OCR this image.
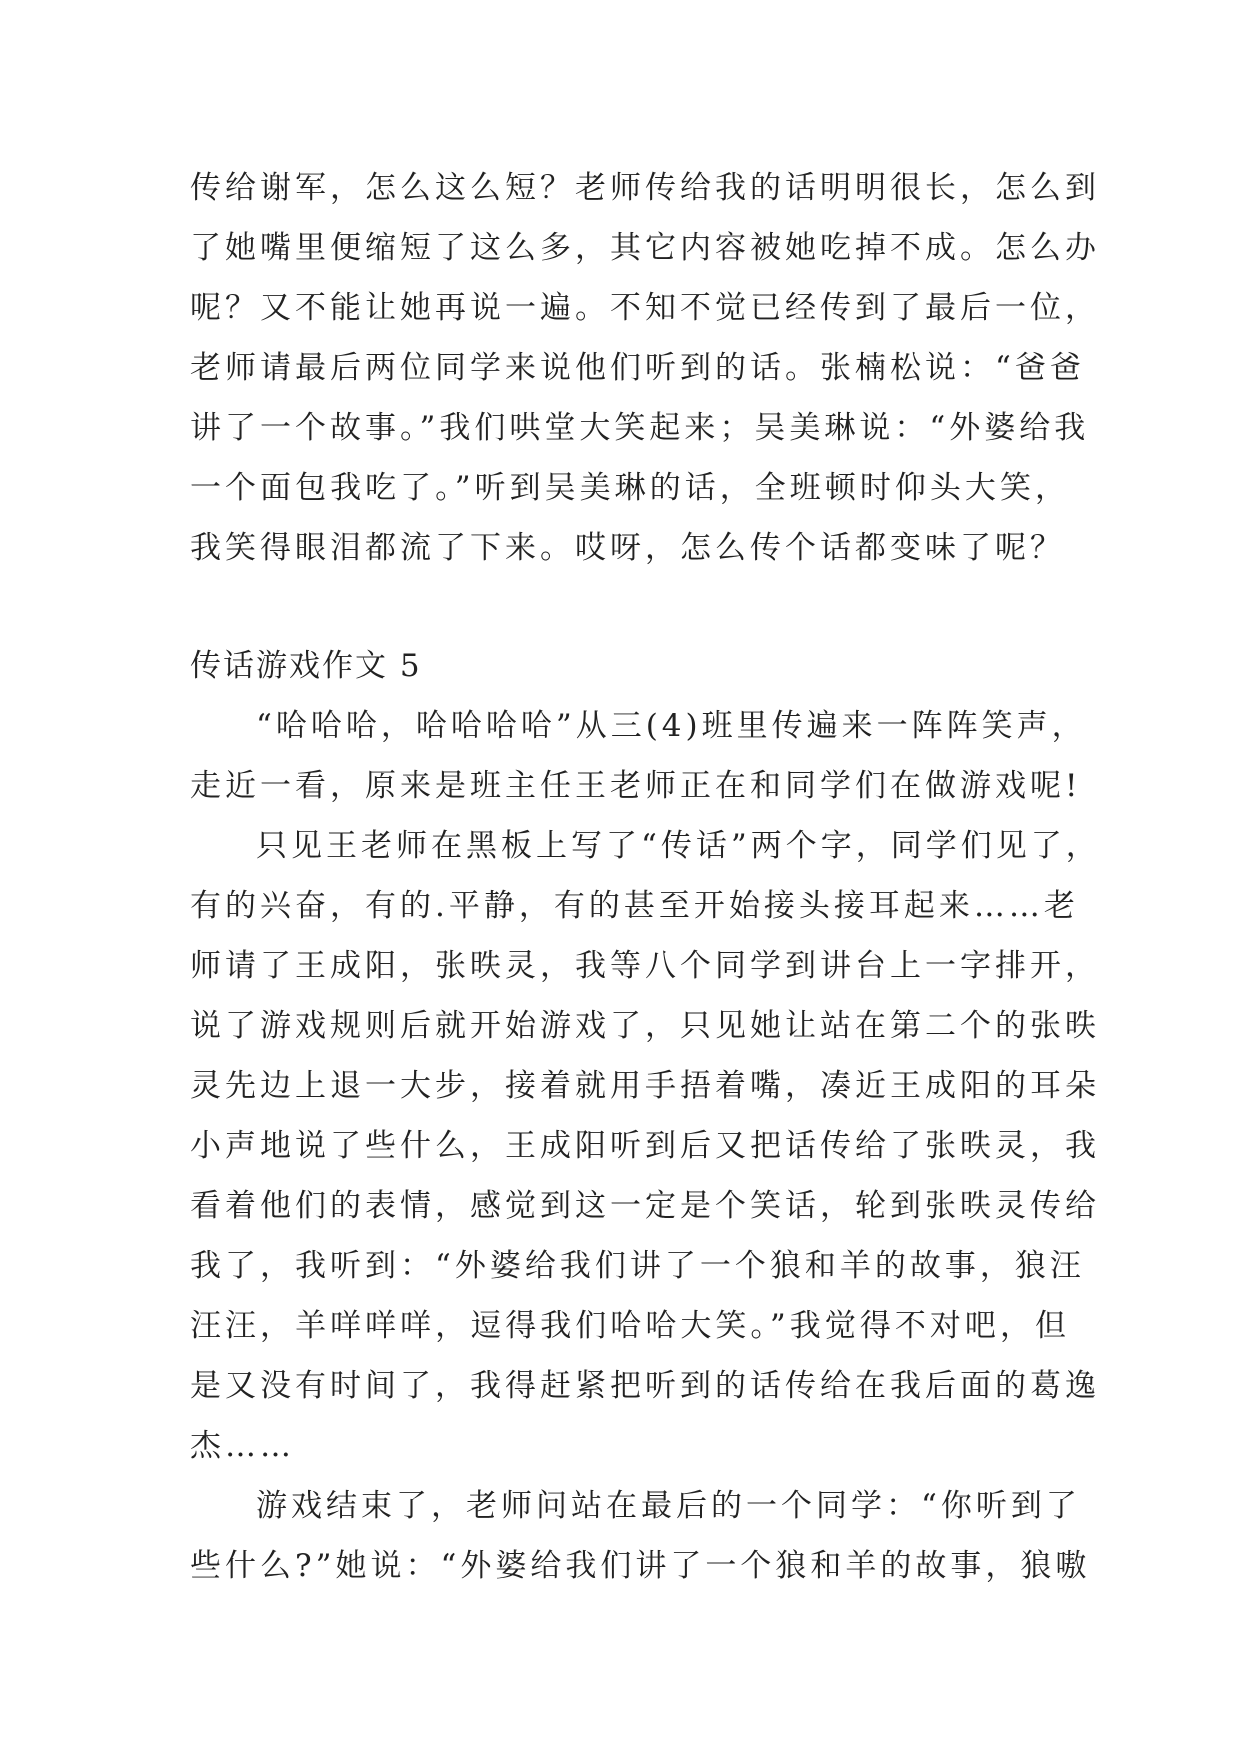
传给谢军，怎么这么短？老师传给我的话明明很长，怎么到
了她嘴里便缩短了这么多，其它内容被她吃掉不成。怎么办
呢？又不能让她再说一遍。不知不觉已经传到了最后一位，
老师请最后两位同学来说他们听到的话。张楠松说：“爸爸
讲了一个故事。”我们哄堂大笑起来；吴美琳说：“外婆给我
一个面包我吃了。”听到吴美琳的话，全班顿时仰头大笑，
我笑得眼泪都流了下来。哎呀，怎么传个话都变味了呢？
传话游戏作文 5
“哈哈哈，哈哈哈哈”从三(4)班里传遍来一阵阵笑声，
走近一看，原来是班主任王老师正在和同学们在做游戏呢!
只见王老师在黑板上写了“传话”两个字，同学们见了，
有的兴奋，有的.平静，有的甚至开始接头接耳起来……老
师请了王成阳，张昳灵，我等八个同学到讲台上一字排开，
说了游戏规则后就开始游戏了，只见她让站在第二个的张昳
灵先边上退一大步，接着就用手捂着嘴，凑近王成阳的耳朵
小声地说了些什么，王成阳听到后又把话传给了张昳灵，我
看着他们的表情，感觉到这一定是个笑话，轮到张昳灵传给
我了，我听到：“外婆给我们讲了一个狼和羊的故事，狼汪
汪汪，羊咩咩咩，逗得我们哈哈大笑。”我觉得不对吧，但
是又没有时间了，我得赶紧把听到的话传给在我后面的葛逸
杰……
游戏结束了，老师问站在最后的一个同学：“你听到了
些什么?”她说：“外婆给我们讲了一个狼和羊的故事，狼嗷
